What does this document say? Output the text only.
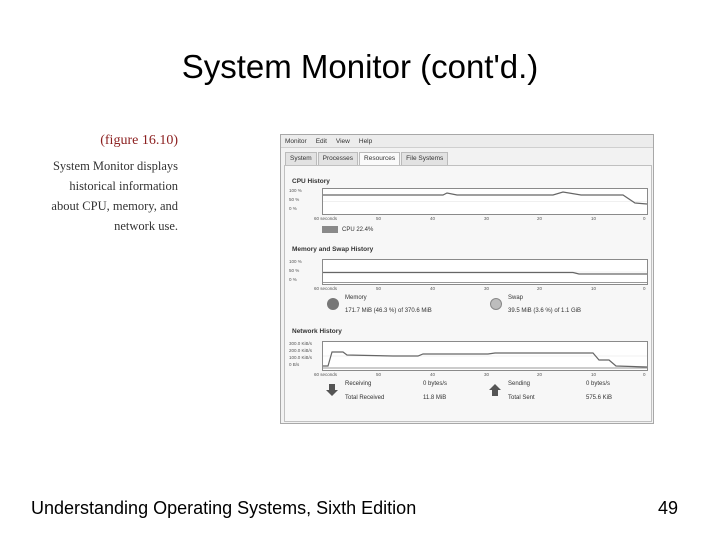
System Monitor (cont'd.)
(figure 16.10)
System Monitor displays
historical information
about CPU, memory, and
network use.
Monitor Edit View Help
System	Processes	Resources	File Systems
CPU History
100 %
50 %
0 %
60 seconds	50	40	30	20	10	0
CPU 22.4%
Memory and Swap History
100 %
50 %
0 %
60 seconds	50	40	30	20	10	0
Memory
171.7 MiB (46.3 %) of 370.6 MiB
Swap
39.5 MiB (3.6 %) of 1.1 GiB
Network History
300.0 KiB/s
200.0 KiB/s
100.0 KiB/s
0 B/s
60 seconds	50	40	30	20	10	0
Receiving	0 bytes/s
Total Received	11.8 MiB
Sending	0 bytes/s
Total Sent	575.6 KiB
Understanding Operating Systems, Sixth Edition	49
